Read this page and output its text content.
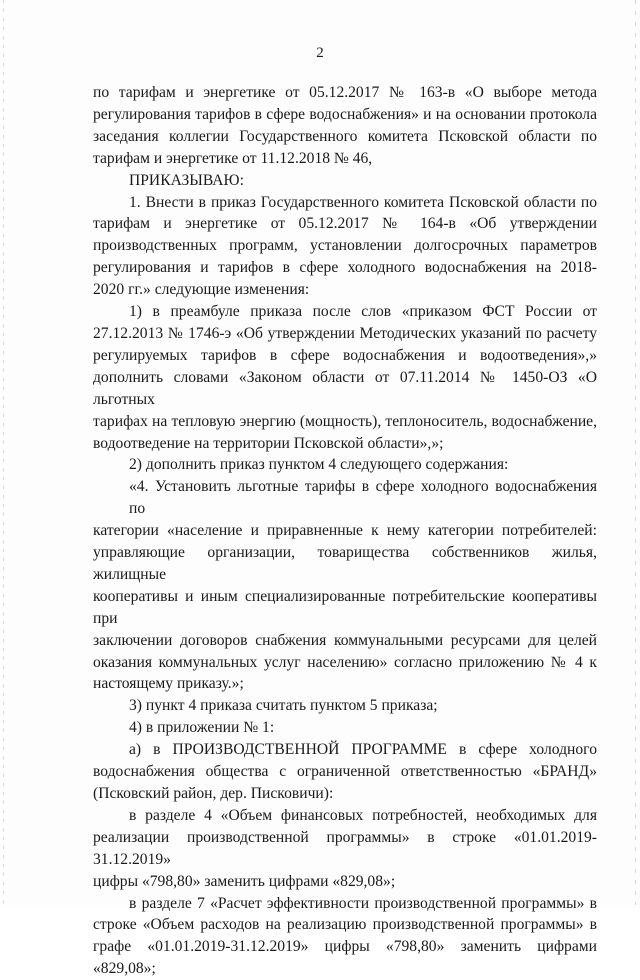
2
по тарифам и энергетике от 05.12.2017 № 163-в «О выборе метода
регулирования тарифов в сфере водоснабжения» и на основании протокола
заседания коллегии Государственного комитета Псковской области по
тарифам и энергетике от 11.12.2018 № 46,
ПРИКАЗЫВАЮ:
1. Внести в приказ Государственного комитета Псковской области по
тарифам и энергетике от 05.12.2017 № 164-в «Об утверждении
производственных программ, установлении долгосрочных параметров
регулирования и тарифов в сфере холодного водоснабжения на 2018-
2020 гг.» следующие изменения:
1) в преамбуле приказа после слов «приказом ФСТ России от
27.12.2013 № 1746-э «Об утверждении Методических указаний по расчету
регулируемых тарифов в сфере водоснабжения и водоотведения»,»
дополнить словами «Законом области от 07.11.2014 № 1450-ОЗ «О льготных
тарифах на тепловую энергию (мощность), теплоноситель, водоснабжение,
водоотведение на территории Псковской области»,»;
2) дополнить приказ пунктом 4 следующего содержания:
«4. Установить льготные тарифы в сфере холодного водоснабжения по
категории «население и приравненные к нему категории потребителей:
управляющие организации, товарищества собственников жилья, жилищные
кооперативы и иным специализированные потребительские кооперативы при
заключении договоров снабжения коммунальными ресурсами для целей
оказания коммунальных услуг населению» согласно приложению № 4 к
настоящему приказу.»;
3) пункт 4 приказа считать пунктом 5 приказа;
4) в приложении № 1:
а) в ПРОИЗВОДСТВЕННОЙ ПРОГРАММЕ в сфере холодного
водоснабжения общества с ограниченной ответственностью «БРАНД»
(Псковский район, дер. Писковичи):
в разделе 4 «Объем финансовых потребностей, необходимых для
реализации производственной программы» в строке «01.01.2019-31.12.2019»
цифры «798,80» заменить цифрами «829,08»;
в разделе 7 «Расчет эффективности производственной программы» в
строке «Объем расходов на реализацию производственной программы» в
графе «01.01.2019-31.12.2019» цифры «798,80» заменить цифрами «829,08»;
